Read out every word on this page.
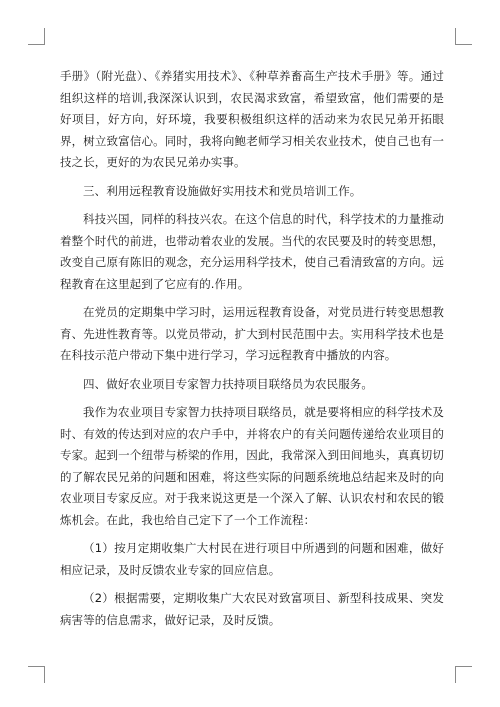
手册》（附光盘）、《养猪实用技术》、《种草养畜高生产技术手册》等。通过组织这样的培训,我深深认识到，农民渴求致富，希望致富，他们需要的是好项目，好方向，好环境，我要积极组织这样的活动来为农民兄弟开拓眼界，树立致富信心。同时，我将向鲍老师学习相关农业技术，使自己也有一技之长，更好的为农民兄弟办实事。

三、利用远程教育设施做好实用技术和党员培训工作。

科技兴国，同样的科技兴农。在这个信息的时代，科学技术的力量推动着整个时代的前进，也带动着农业的发展。当代的农民要及时的转变思想，改变自己原有陈旧的观念，充分运用科学技术，使自己看清致富的方向。远程教育在这里起到了它应有的.作用。

在党员的定期集中学习时，运用远程教育设备，对党员进行转变思想教育、先进性教育等。以党员带动，扩大到村民范围中去。实用科学技术也是在科技示范户带动下集中进行学习，学习远程教育中播放的内容。

四、做好农业项目专家智力扶持项目联络员为农民服务。

我作为农业项目专家智力扶持项目联络员，就是要将相应的科学技术及时、有效的传达到对应的农户手中，并将农户的有关问题传递给农业项目的专家。起到一个纽带与桥梁的作用，因此，我常深入到田间地头，真真切切的了解农民兄弟的问题和困难，将这些实际的问题系统地总结起来及时的向农业项目专家反应。对于我来说这更是一个深入了解、认识农村和农民的锻炼机会。在此，我也给自己定下了一个工作流程：

（1）按月定期收集广大村民在进行项目中所遇到的问题和困难，做好相应记录，及时反馈农业专家的回应信息。

（2）根据需要，定期收集广大农民对致富项目、新型科技成果、突发病害等的信息需求，做好记录，及时反馈。
